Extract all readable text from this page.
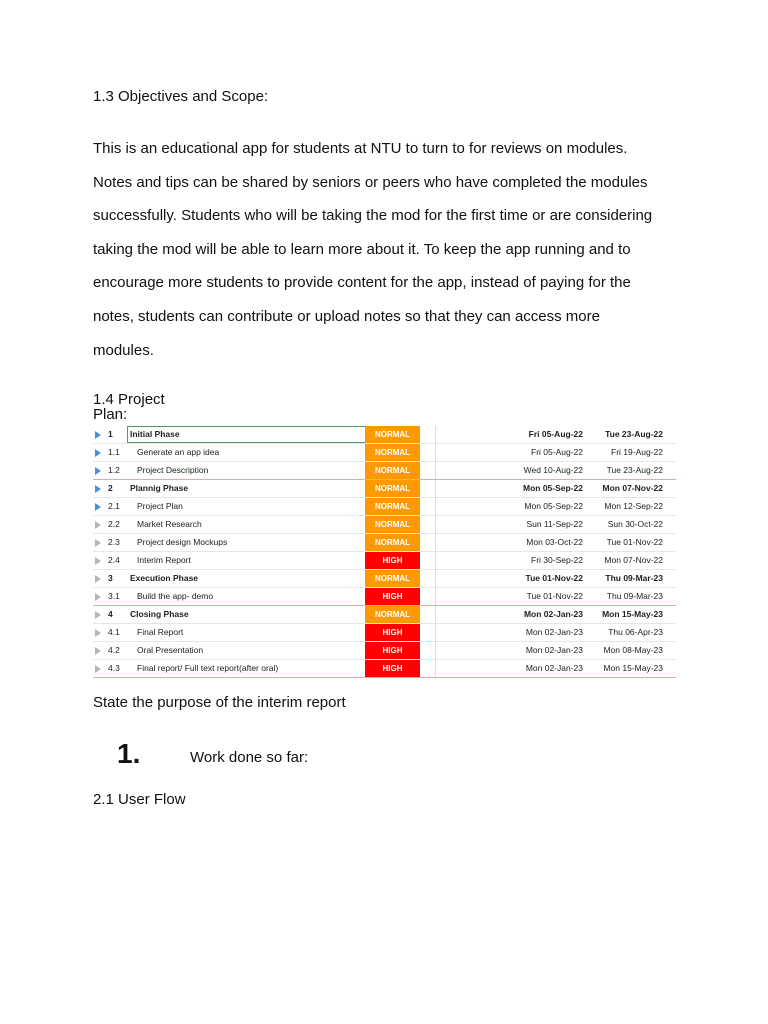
1.3 Objectives and Scope:
This is an educational app for students at NTU to turn to for reviews on modules.
Notes and tips can be shared by seniors or peers who have completed the modules
successfully. Students who will be taking the mod for the first time or are considering
taking the mod will be able to learn more about it. To keep the app running and to
encourage more students to provide content for the app, instead of paying for the
notes, students can contribute or upload notes so that they can access more
modules.
1.4 Project
Plan:
1 Initial Phase	NORMAL	Fri 05-Aug-22	Tue 23-Aug-22
1.1 Generate an app idea	NORMAL	Fri 05-Aug-22	Fri 19-Aug-22
1.2 Project Description	NORMAL	Wed 10-Aug-22	Tue 23-Aug-22
2 Plannig Phase	NORMAL	Mon 05-Sep-22	Mon 07-Nov-22
2.1 Project Plan	NORMAL	Mon 05-Sep-22	Mon 12-Sep-22
2.2 Market Research	NORMAL	Sun 11-Sep-22	Sun 30-Oct-22
2.3 Project design Mockups	NORMAL	Mon 03-Oct-22	Tue 01-Nov-22
2.4 Interim Report	HIGH	Fri 30-Sep-22	Mon 07-Nov-22
3 Execution Phase	NORMAL	Tue 01-Nov-22	Thu 09-Mar-23
3.1 Build the app- demo	HIGH	Tue 01-Nov-22	Thu 09-Mar-23
4 Closing Phase	NORMAL	Mon 02-Jan-23	Mon 15-May-23
4.1 Final Report	HIGH	Mon 02-Jan-23	Thu 06-Apr-23
4.2 Oral Presentation	HIGH	Mon 02-Jan-23	Mon 08-May-23
4.3 Final report/ Full text report(after oral)	HIGH	Mon 02-Jan-23	Mon 15-May-23
State the purpose of the interim report
1.	Work done so far:
2.1 User Flow
